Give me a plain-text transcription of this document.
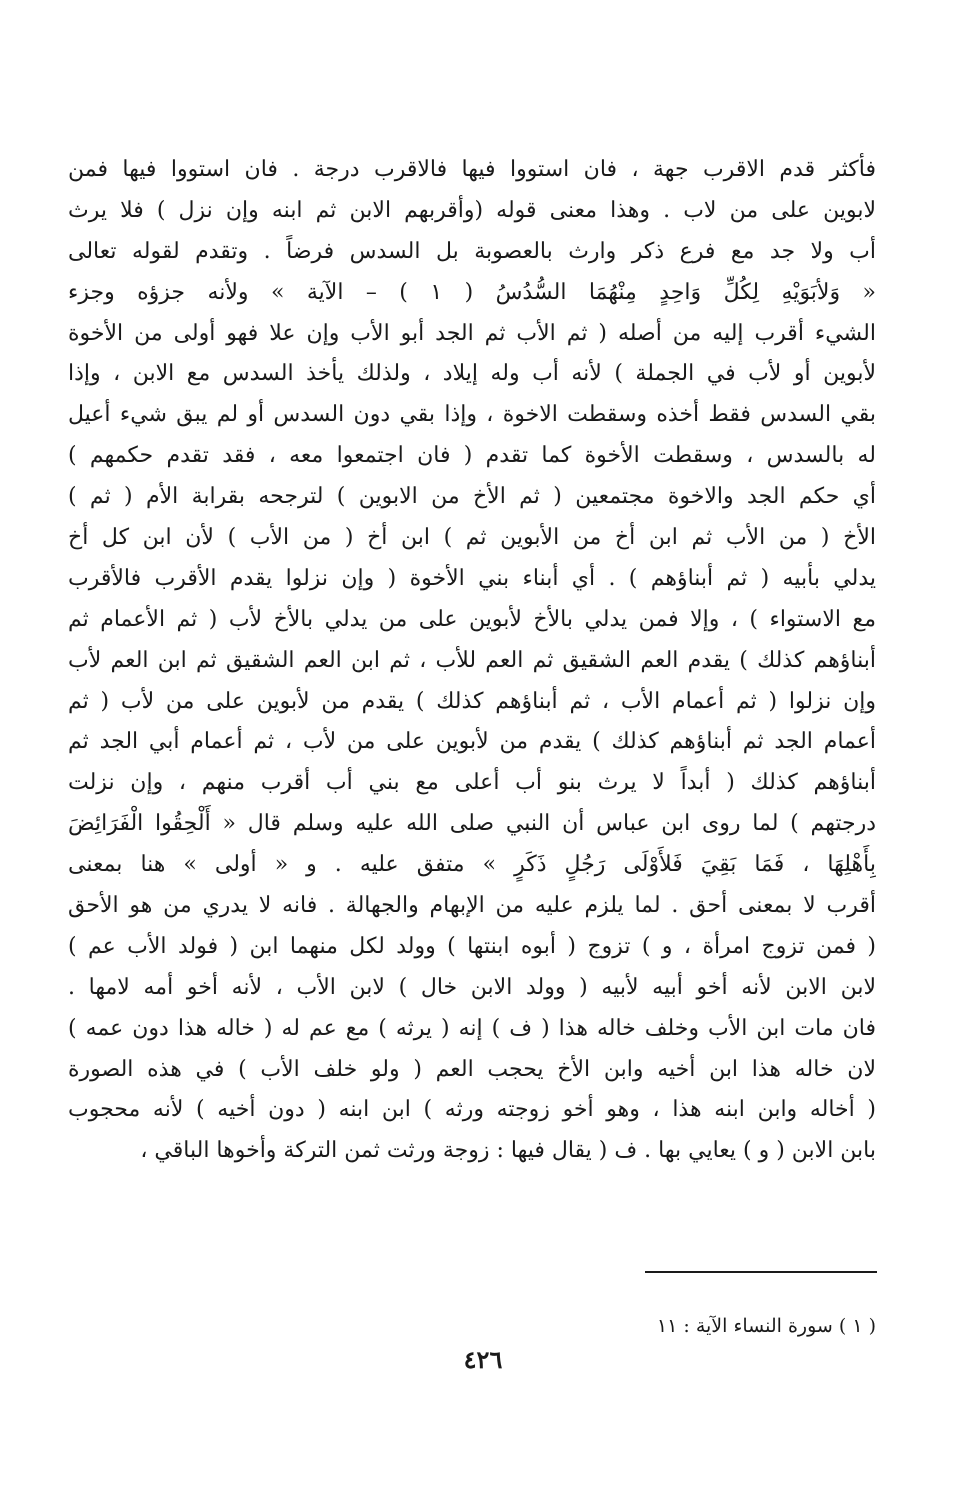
فأكثر قدم الاقرب جهة ، فان استووا فيها فالاقرب درجة . فان استووا فيها فمن
لابوين على من لاب . وهذا معنى قوله (وأقربهم الابن ثم ابنه وإن نزل ) فلا يرث
أب ولا جد مع فرع ذكر وارث بالعصوبة بل السدس فرضاً . وتقدم لقوله تعالى
« وَلأبَوَيْهِ لِكُلِّ وَاحِدٍ مِنْهُمَا السُّدُسُ ( ١ ) – الآية » ولأنه جزؤه وجزء
الشيء أقرب إليه من أصله ( ثم الأب ثم الجد أبو الأب وإن علا فهو أولى من الأخوة
لأبوين أو لأب في الجملة ) لأنه أب وله إيلاد ، ولذلك يأخذ السدس مع الابن ، وإذا
بقي السدس فقط أخذه وسقطت الاخوة ، وإذا بقي دون السدس أو لم يبق شيء أعيل
له بالسدس ، وسقطت الأخوة كما تقدم ( فان اجتمعوا معه ، فقد تقدم حكمهم )
أي حكم الجد والاخوة مجتمعين ( ثم الأخ من الابوين ) لترجحه بقرابة الأم ( ثم )
الأخ ( من الأب ثم ابن أخ من الأبوين ثم ) ابن أخ ( من الأب ) لأن ابن كل أخ
يدلي بأبيه ( ثم أبناؤهم ) . أي أبناء بني الأخوة ( وإن نزلوا يقدم الأقرب فالأقرب
مع الاستواء ) ، وإلا فمن يدلي بالأخ لأبوين على من يدلي بالأخ لأب ( ثم الأعمام ثم
أبناؤهم كذلك ) يقدم العم الشقيق ثم العم للأب ، ثم ابن العم الشقيق ثم ابن العم لأب
وإن نزلوا ( ثم أعمام الأب ، ثم أبناؤهم كذلك ) يقدم من لأبوين على من لأب ( ثم
أعمام الجد ثم أبناؤهم كذلك ) يقدم من لأبوين على من لأب ، ثم أعمام أبي الجد ثم
أبناؤهم كذلك ( أبداً لا يرث بنو أب أعلى مع بني أب أقرب منهم ، وإن نزلت
درجتهم ) لما روى ابن عباس أن النبي صلى الله عليه وسلم قال « أَلْحِقُوا الْفَرَائِضَ
بِأَهْلِهَا ، فَمَا بَقِيَ فَلأَوْلَى رَجُلٍ ذَكَرٍ » متفق عليه . و « أولى » هنا بمعنى
أقرب لا بمعنى أحق . لما يلزم عليه من الإبهام والجهالة . فانه لا يدري من هو الأحق
( فمن تزوج امرأة ، و ) تزوج ( أبوه ابنتها ) وولد لكل منهما ابن ( فولد الأب عم )
لابن الابن لأنه أخو أبيه لأبيه ( وولد الابن خال ) لابن الأب ، لأنه أخو أمه لامها .
فان مات ابن الأب وخلف خاله هذا ( ف ) إنه ( يرثه ) مع عم له ( خاله هذا دون عمه )
لان خاله هذا ابن أخيه وابن الأخ يحجب العم ( ولو خلف الأب ) في هذه الصورة
( أخاله وابن ابنه هذا ، وهو أخو زوجته ورثه ) ابن ابنه ( دون أخيه ) لأنه محجوب
بابن الابن ( و ) يعايي بها . ف ( يقال فيها : زوجة ورثت ثمن التركة وأخوها الباقي ،
( ١ ) سورة النساء الآية : ١١
٤٢٦
